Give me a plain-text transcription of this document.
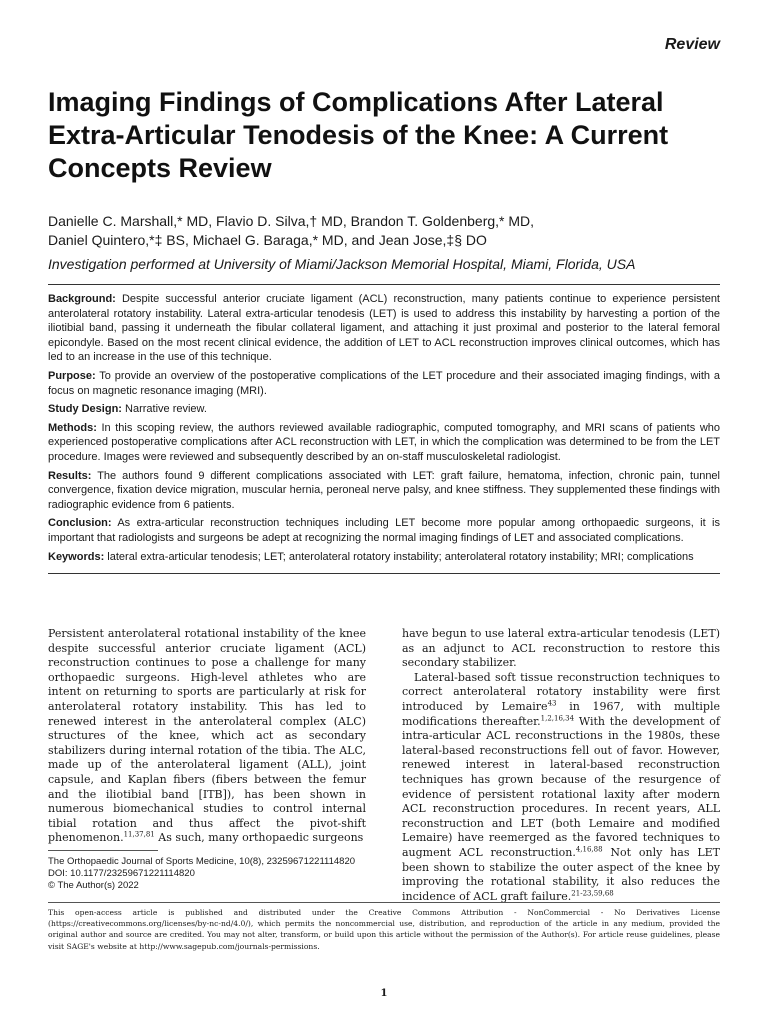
Review
Imaging Findings of Complications After Lateral Extra-Articular Tenodesis of the Knee: A Current Concepts Review
Danielle C. Marshall,* MD, Flavio D. Silva,† MD, Brandon T. Goldenberg,* MD,
Daniel Quintero,*‡ BS, Michael G. Baraga,* MD, and Jean Jose,‡§ DO
Investigation performed at University of Miami/Jackson Memorial Hospital, Miami, Florida, USA

Background: Despite successful anterior cruciate ligament (ACL) reconstruction, many patients continue to experience persistent anterolateral rotatory instability. Lateral extra-articular tenodesis (LET) is used to address this instability by harvesting a portion of the iliotibial band, passing it underneath the fibular collateral ligament, and attaching it just proximal and posterior to the lateral femoral epicondyle. Based on the most recent clinical evidence, the addition of LET to ACL reconstruction improves clinical outcomes, which has led to an increase in the use of this technique.

Purpose: To provide an overview of the postoperative complications of the LET procedure and their associated imaging findings, with a focus on magnetic resonance imaging (MRI).

Study Design: Narrative review.

Methods: In this scoping review, the authors reviewed available radiographic, computed tomography, and MRI scans of patients who experienced postoperative complications after ACL reconstruction with LET, in which the complication was determined to be from the LET procedure. Images were reviewed and subsequently described by an on-staff musculoskeletal radiologist.

Results: The authors found 9 different complications associated with LET: graft failure, hematoma, infection, chronic pain, tunnel convergence, fixation device migration, muscular hernia, peroneal nerve palsy, and knee stiffness. They supplemented these findings with radiographic evidence from 6 patients.

Conclusion: As extra-articular reconstruction techniques including LET become more popular among orthopaedic surgeons, it is important that radiologists and surgeons be adept at recognizing the normal imaging findings of LET and associated complications.

Keywords: lateral extra-articular tenodesis; LET; anterolateral rotatory instability; anterolateral rotatory instability; MRI; complications

Persistent anterolateral rotational instability of the knee despite successful anterior cruciate ligament (ACL) reconstruction continues to pose a challenge for many orthopaedic surgeons. High-level athletes who are intent on returning to sports are particularly at risk for anterolateral rotatory instability. This has led to renewed interest in the anterolateral complex (ALC) structures of the knee, which act as secondary stabilizers during internal rotation of the tibia. The ALC, made up of the anterolateral ligament (ALL), joint capsule, and Kaplan fibers (fibers between the femur and the iliotibial band [ITB]), has been shown in numerous biomechanical studies to control internal tibial rotation and thus affect the pivot-shift phenomenon.$^{11,37,81}$ As such, many orthopaedic surgeons

have begun to use lateral extra-articular tenodesis (LET) as an adjunct to ACL reconstruction to restore this secondary stabilizer.

Lateral-based soft tissue reconstruction techniques to correct anterolateral rotatory instability were first introduced by Lemaire$^{43}$ in 1967, with multiple modifications thereafter.$^{1,2,16,34}$ With the development of intra-articular ACL reconstructions in the 1980s, these lateral-based reconstructions fell out of favor. However, renewed interest in lateral-based reconstruction techniques has grown because of the resurgence of evidence of persistent rotational laxity after modern ACL reconstruction procedures. In recent years, ALL reconstruction and LET (both Lemaire and modified Lemaire) have reemerged as the favored techniques to augment ACL reconstruction.$^{4,16,88}$ Not only has LET been shown to stabilize the outer aspect of the knee by improving the rotational stability, it also reduces the incidence of ACL graft failure.$^{21-23,59,68}$

The Orthopaedic Journal of Sports Medicine, 10(8), 23259671221114820
DOI: 10.1177/23259671221114820
© The Author(s) 2022
This open-access article is published and distributed under the Creative Commons Attribution - NonCommercial - No Derivatives License (https://creativecommons.org/licenses/by-nc-nd/4.0/), which permits the noncommercial use, distribution, and reproduction of the article in any medium, provided the original author and source are credited. You may not alter, transform, or build upon this article without the permission of the Author(s). For article reuse guidelines, please visit SAGE's website at http://www.sagepub.com/journals-permissions.
1
